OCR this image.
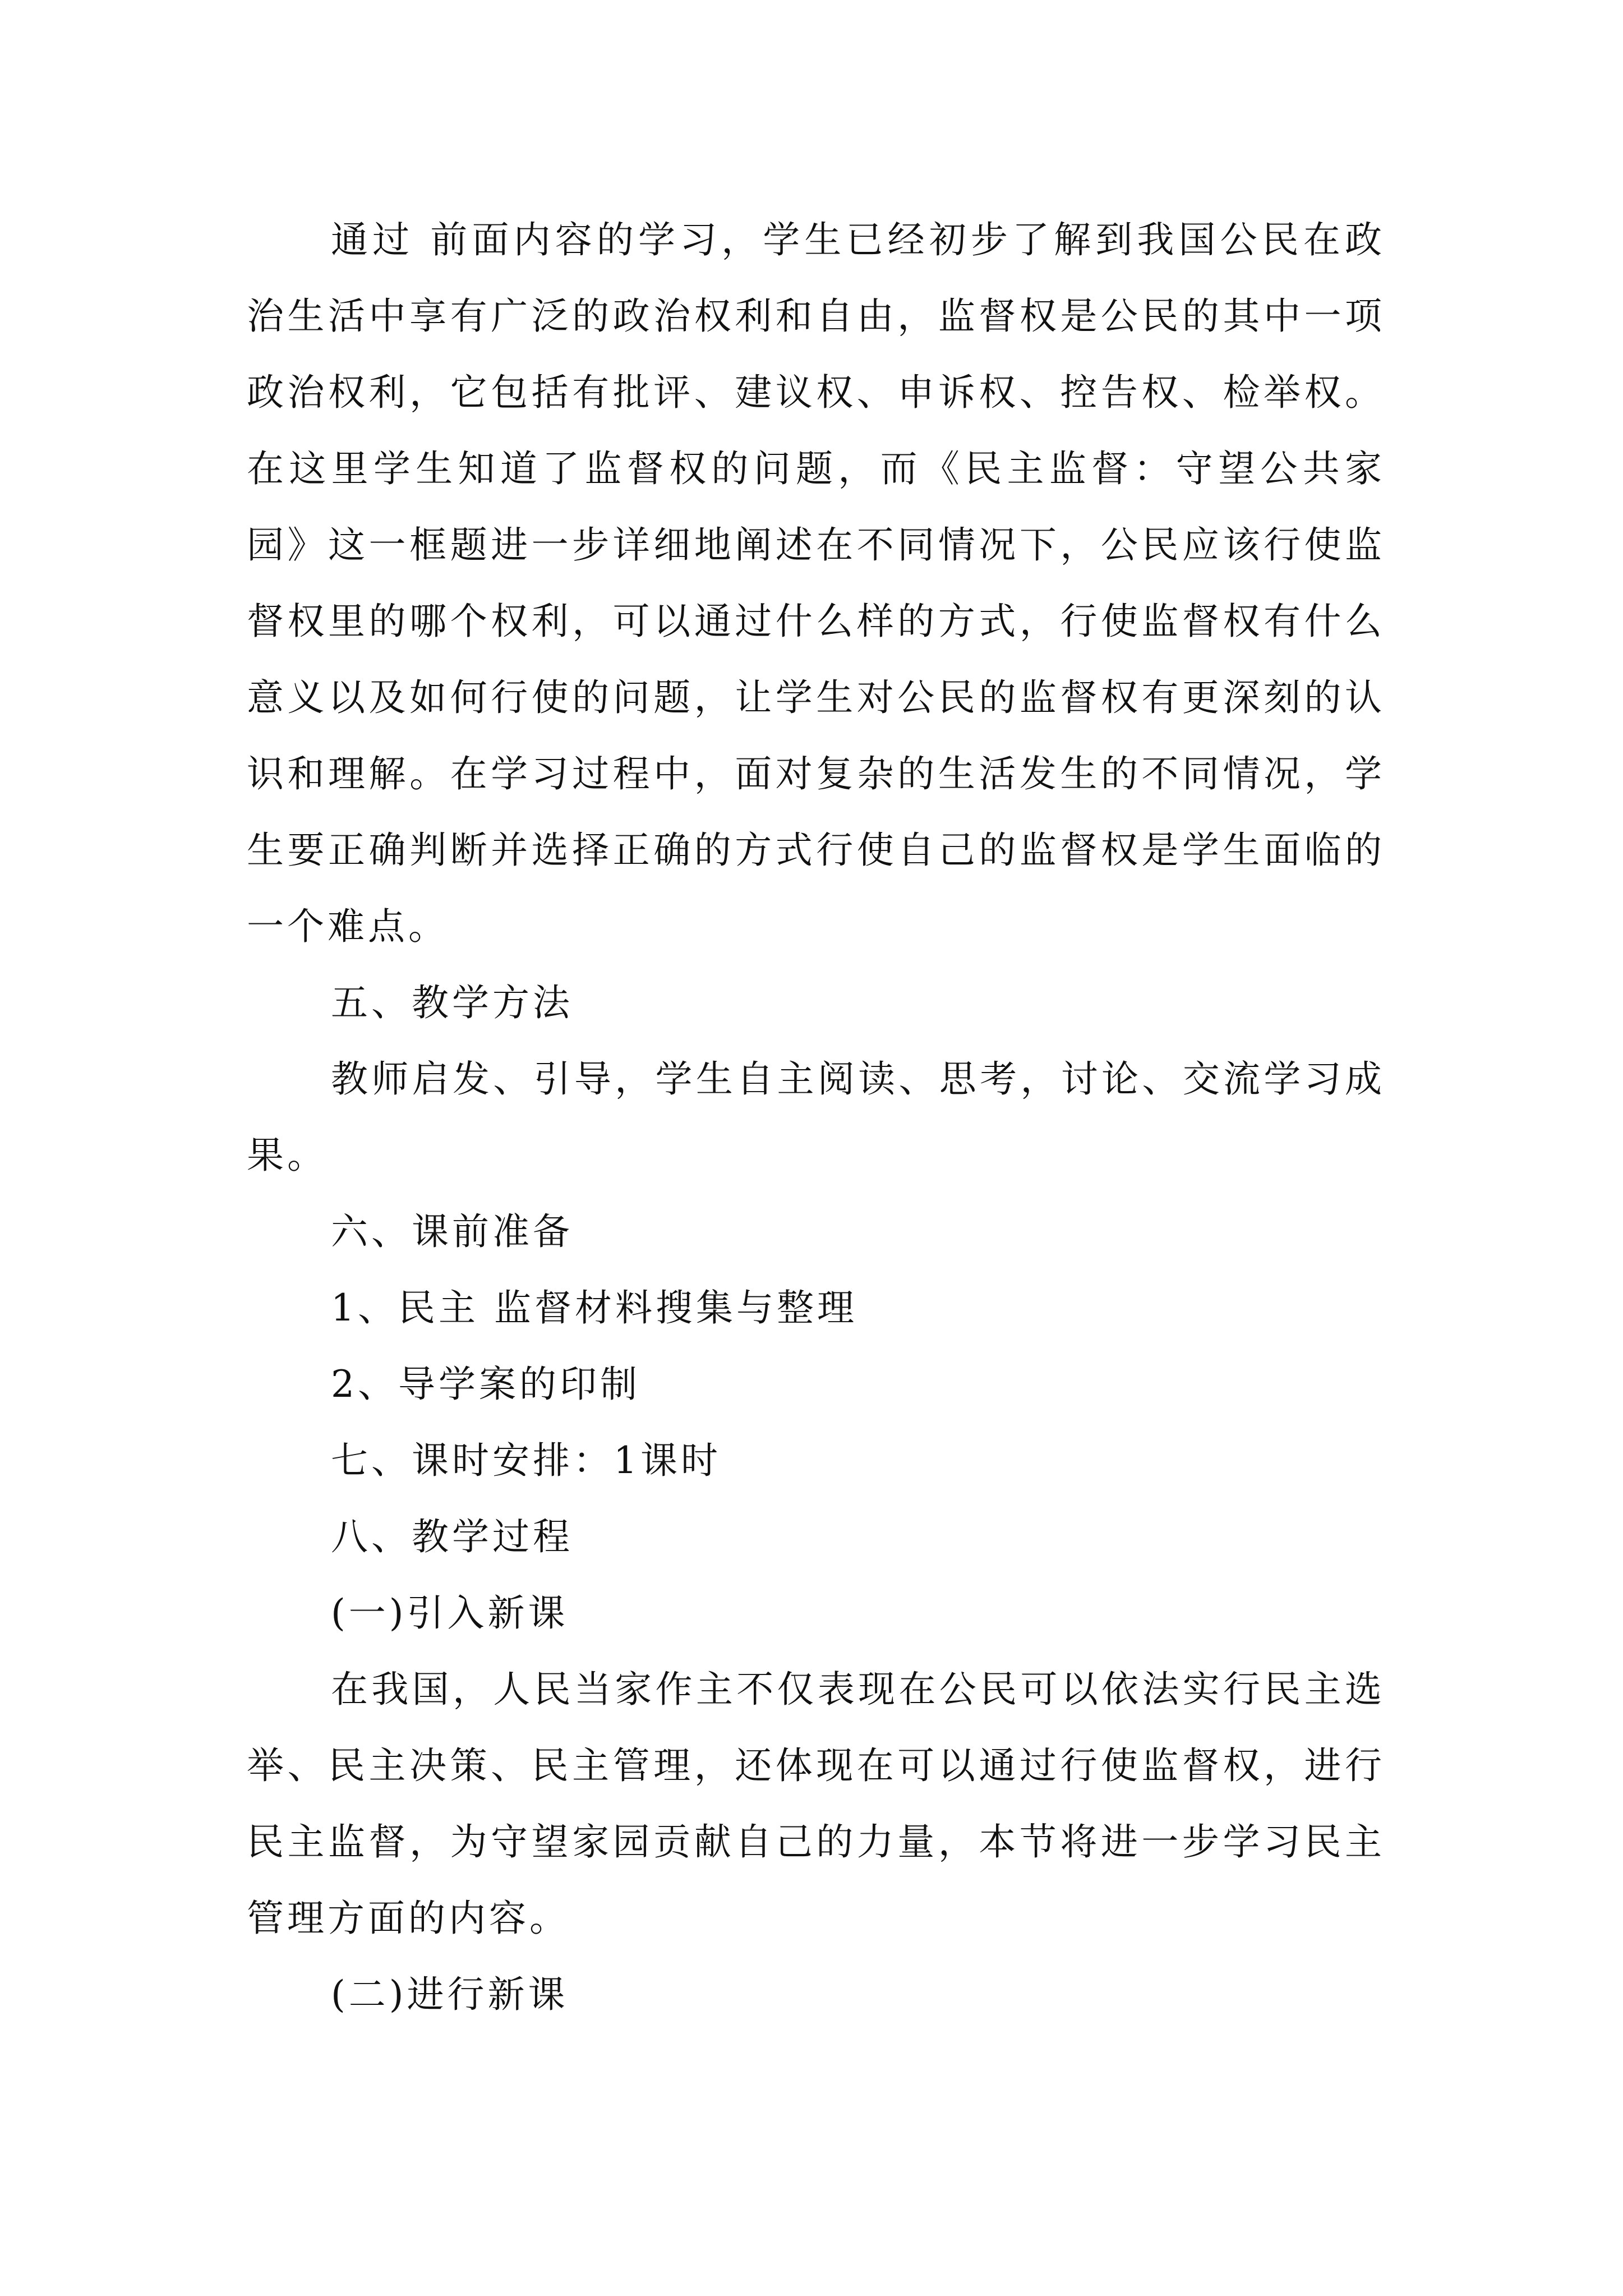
通过 前面内容的学习，学生已经初步了解到我国公民在政治生活中享有广泛的政治权利和自由，监督权是公民的其中一项政治权利，它包括有批评、建议权、申诉权、控告权、检举权。在这里学生知道了监督权的问题，而《民主监督：守望公共家园》这一框题进一步详细地阐述在不同情况下，公民应该行使监督权里的哪个权利，可以通过什么样的方式，行使监督权有什么意义以及如何行使的问题，让学生对公民的监督权有更深刻的认识和理解。在学习过程中，面对复杂的生活发生的不同情况，学生要正确判断并选择正确的方式行使自己的监督权是学生面临的一个难点。

五、教学方法

教师启发、引导，学生自主阅读、思考，讨论、交流学习成果。

六、课前准备

1、民主 监督材料搜集与整理

2、导学案的印制

七、课时安排：1课时

八、教学过程

(一)引入新课

在我国，人民当家作主不仅表现在公民可以依法实行民主选举、民主决策、民主管理，还体现在可以通过行使监督权，进行民主监督，为守望家园贡献自己的力量，本节将进一步学习民主管理方面的内容。

(二)进行新课
